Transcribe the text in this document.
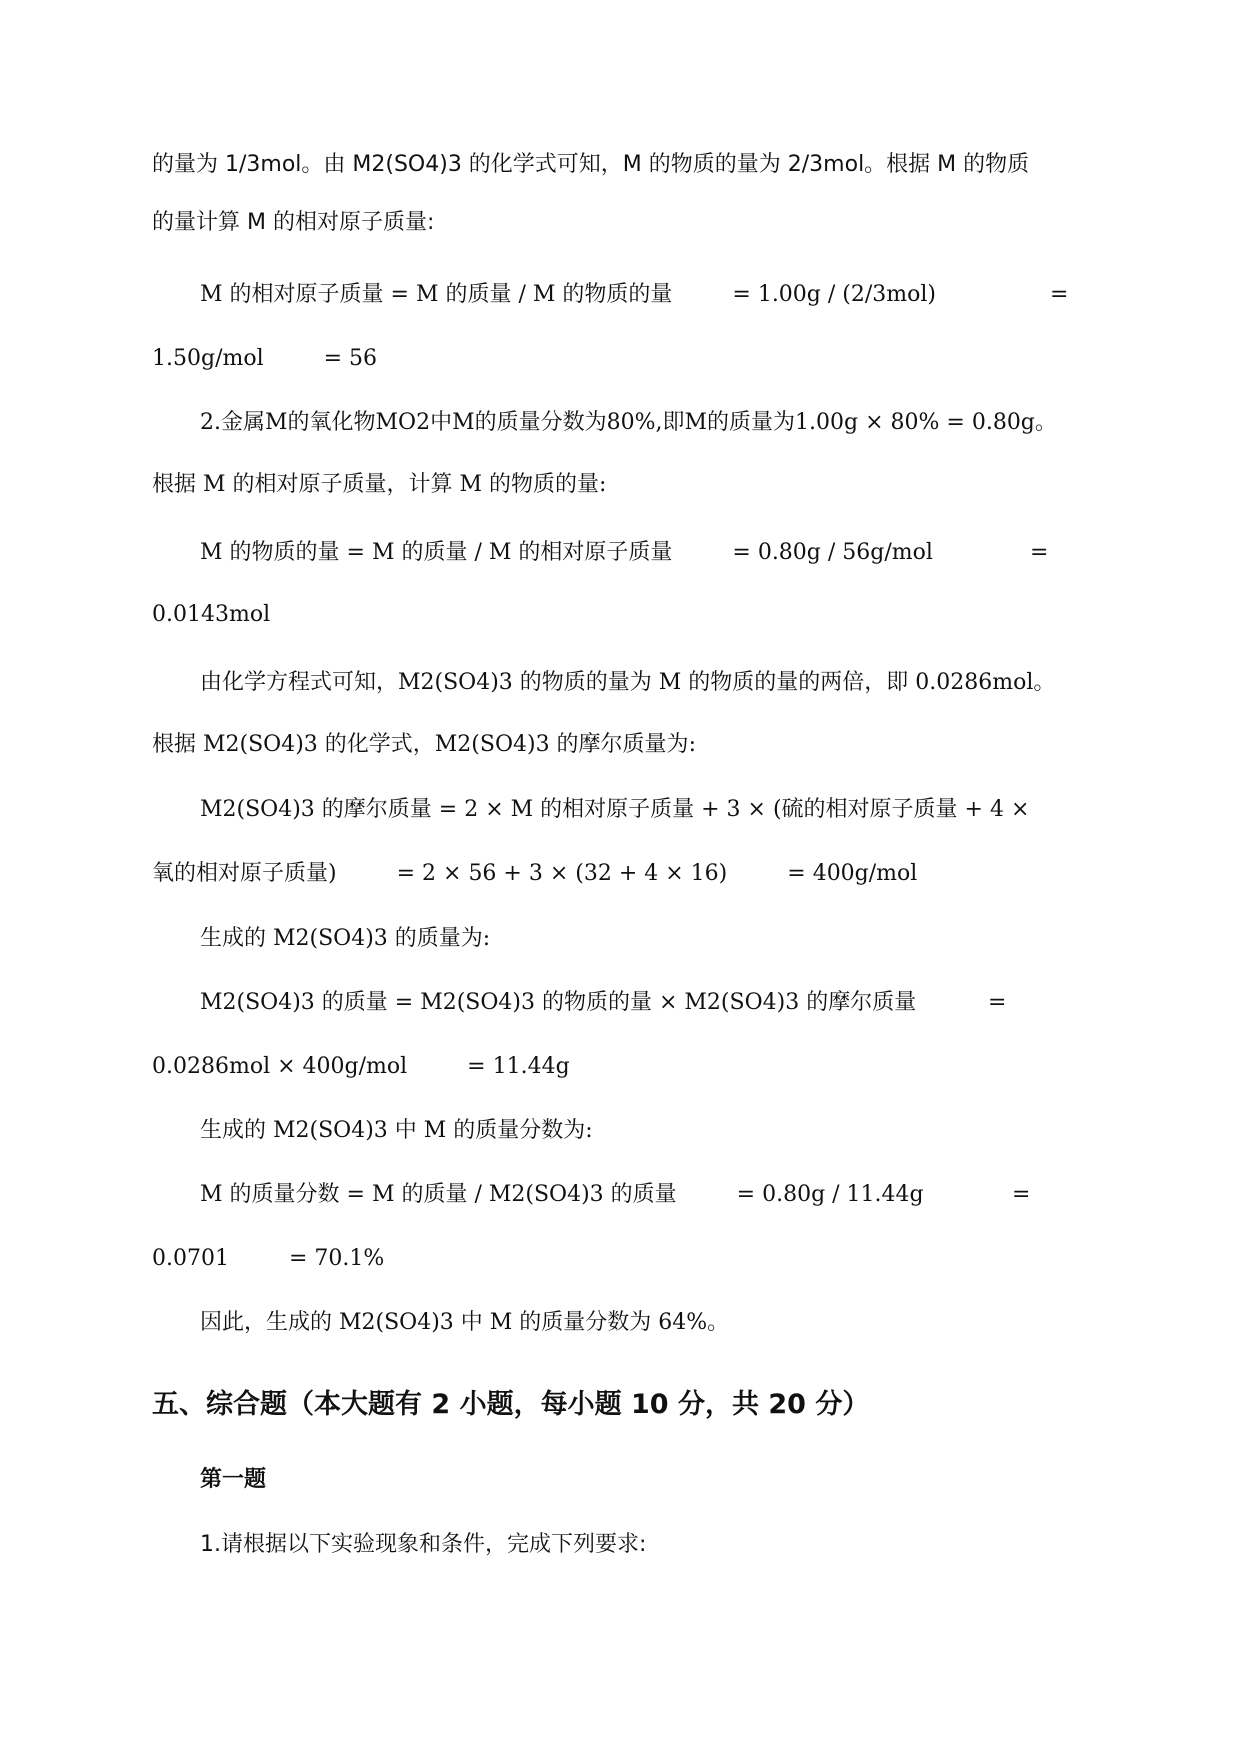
的量为 1/3mol。由 M2(SO4)3 的化学式可知，M 的物质的量为 2/3mol。根据 M 的物质
的量计算 M 的相对原子质量:
M 的相对原子质量 = M 的质量 / M 的物质的量	= 1.00g / (2/3mol)	=
1.50g/mol	= 56
2.金属M的氧化物MO2中M的质量分数为80%,即M的质量为1.00g × 80% = 0.80g。
根据 M 的相对原子质量，计算 M 的物质的量:
M 的物质的量 = M 的质量 / M 的相对原子质量	= 0.80g / 56g/mol	=
0.0143mol
由化学方程式可知，M2(SO4)3 的物质的量为 M 的物质的量的两倍，即 0.0286mol。
根据 M2(SO4)3 的化学式，M2(SO4)3 的摩尔质量为:
M2(SO4)3 的摩尔质量 = 2 × M 的相对原子质量 + 3 × (硫的相对原子质量 + 4 ×
氧的相对原子质量)	= 2 × 56 + 3 × (32 + 4 × 16)	= 400g/mol
生成的 M2(SO4)3 的质量为:
M2(SO4)3 的质量 = M2(SO4)3 的物质的量 × M2(SO4)3 的摩尔质量	=
0.0286mol × 400g/mol	= 11.44g
生成的 M2(SO4)3 中 M 的质量分数为:
M 的质量分数 = M 的质量 / M2(SO4)3 的质量	= 0.80g / 11.44g	=
0.0701	= 70.1%
因此，生成的 M2(SO4)3 中 M 的质量分数为 64%。
五、综合题（本大题有 2 小题，每小题 10 分，共 20 分）
第一题
1.请根据以下实验现象和条件，完成下列要求:
